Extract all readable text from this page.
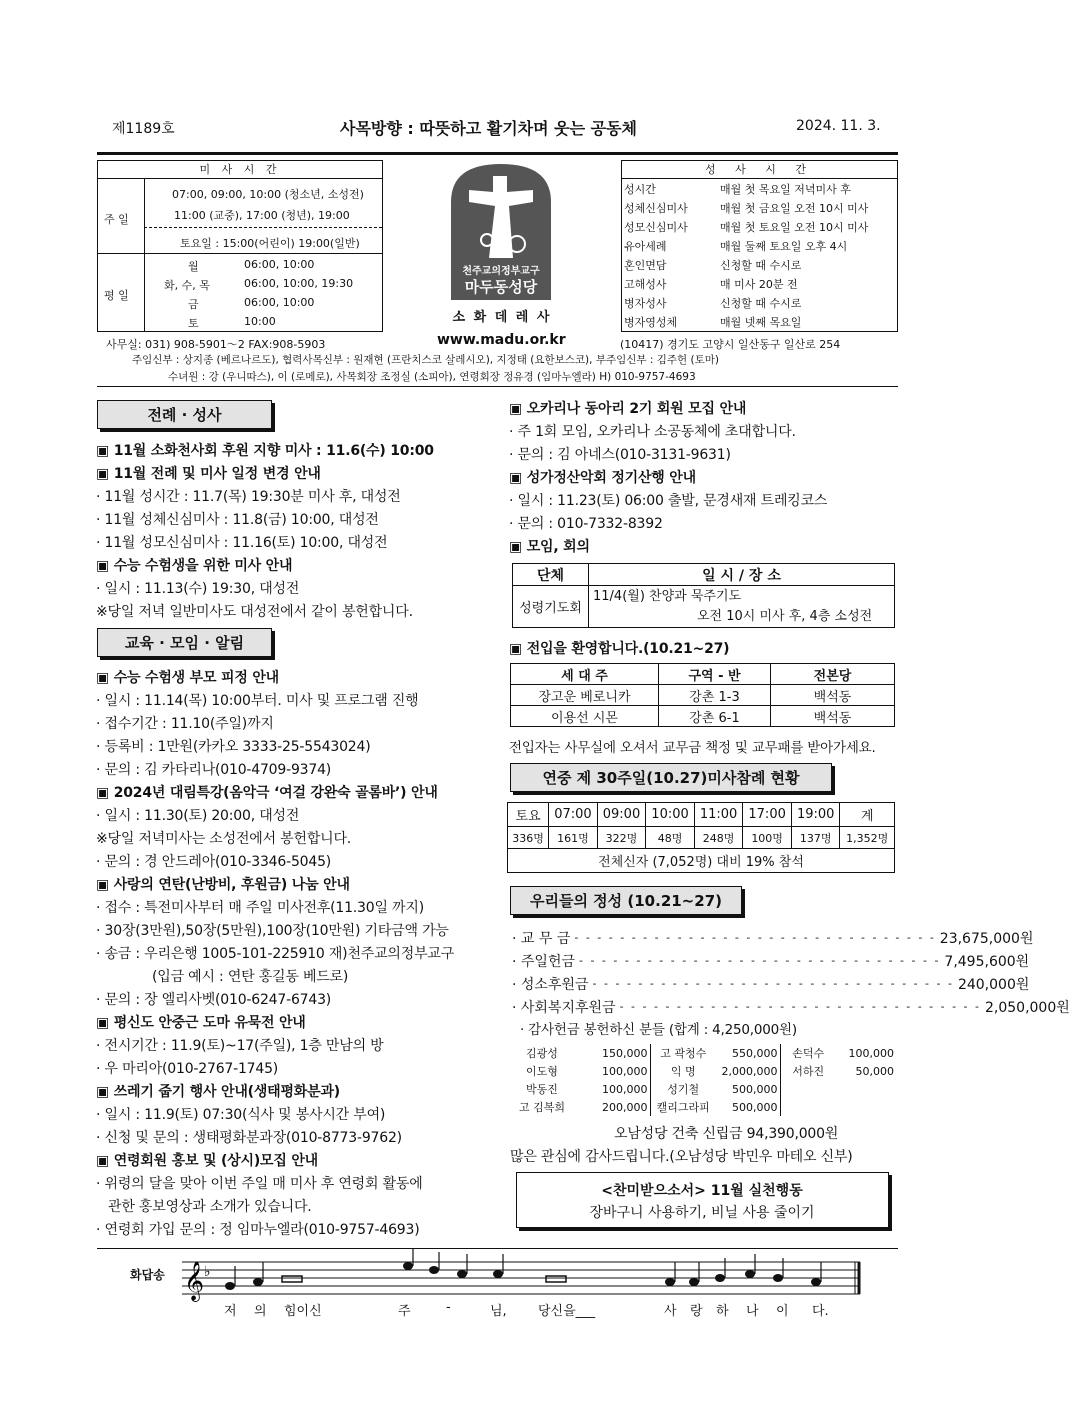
제1189호	사목방향 : 따뜻하고 활기차며 웃는 공동체	2024. 11. 3.
미 사 시 간
주 일
07:00, 09:00, 10:00 (청소년, 소성전)
11:00 (교중), 17:00 (청년), 19:00
토요일 : 15:00(어린이) 19:00(일반)
평 일
월	06:00, 10:00
화, 수, 목	06:00, 10:00, 19:30
금	06:00, 10:00
토	10:00
천주교의정부교구
마두동성당
소 화 데 레 사
www.madu.or.kr
성 사 시 간
성시간	매월 첫 목요일 저녁미사 후
성체신심미사	매월 첫 금요일 오전 10시 미사
성모신심미사	매월 첫 토요일 오전 10시 미사
유아세례	매월 둘째 토요일 오후 4시
혼인면담	신청할 때 수시로
고해성사	매 미사 20분 전
병자성사	신청할 때 수시로
병자영성체	매월 넷째 목요일
사무실: 031) 908-5901～2 FAX:908-5903	(10417) 경기도 고양시 일산동구 일산로 254
주임신부 : 상지종 (베르나르도), 협력사목신부 : 원재현 (프란치스코 살레시오), 지정태 (요한보스코), 부주임신부 : 김주헌 (토마)
수녀원 : 강 (우니따스), 이 (로메로), 사목회장 조정실 (소피아), 연령회장 정유경 (임마누엘라) H) 010-9757-4693
전례 · 성사
▣ 11월 소화천사회 후원 지향 미사 : 11.6(수) 10:00
▣ 11월 전례 및 미사 일정 변경 안내
· 11월 성시간 : 11.7(목) 19:30분 미사 후, 대성전
· 11월 성체신심미사 : 11.8(금) 10:00, 대성전
· 11월 성모신심미사 : 11.16(토) 10:00, 대성전
▣ 수능 수험생을 위한 미사 안내
· 일시 : 11.13(수) 19:30, 대성전
※당일 저녁 일반미사도 대성전에서 같이 봉헌합니다.
교육 · 모임 · 알림
▣ 수능 수험생 부모 피정 안내
· 일시 : 11.14(목) 10:00부터. 미사 및 프로그램 진행
· 접수기간 : 11.10(주일)까지
· 등록비 : 1만원(카카오 3333-25-5543024)
· 문의 : 김 카타리나(010-4709-9374)
▣ 2024년 대림특강(옴악극 ‘여걸 강완숙 골롬바’) 안내
· 일시 : 11.30(토) 20:00, 대성전
※당일 저녁미사는 소성전에서 봉헌합니다.
· 문의 : 경 안드레아(010-3346-5045)
▣ 사랑의 연탄(난방비, 후원금) 나눔 안내
· 접수 : 특전미사부터 매 주일 미사전후(11.30일 까지)
· 30장(3만원),50장(5만원),100장(10만원) 기타금액 가능
· 송금 : 우리은행 1005-101-225910 재)천주교의정부교구
(입금 예시 : 연탄 홍길동 베드로)
· 문의 : 장 엘리사벳(010-6247-6743)
▣ 평신도 안중근 도마 유묵전 안내
· 전시기간 : 11.9(토)~17(주일), 1층 만남의 방
· 우 마리아(010-2767-1745)
▣ 쓰레기 줍기 행사 안내(생태평화분과)
· 일시 : 11.9(토) 07:30(식사 및 봉사시간 부여)
· 신청 및 문의 : 생태평화분과장(010-8773-9762)
▣ 연령회원 홍보 및 (상시)모집 안내
· 위령의 달을 맞아 이번 주일 매 미사 후 연령회 활동에
관한 홍보영상과 소개가 있습니다.
· 연령회 가입 문의 : 정 임마누엘라(010-9757-4693)
▣ 오카리나 동아리 2기 회원 모집 안내
· 주 1회 모임, 오카리나 소공동체에 초대합니다.
· 문의 : 김 아네스(010-3131-9631)
▣ 성가정산악회 정기산행 안내
· 일시 : 11.23(토) 06:00 출발, 문경새재 트레킹코스
· 문의 : 010-7332-8392
▣ 모임, 회의
단체	일 시 / 장 소
성령기도회	11/4(월) 찬양과 묵주기도
오전 10시 미사 후, 4층 소성전
▣ 전입을 환영합니다.(10.21~27)
세 대 주	구역 - 반	전본당
장고운 베로니카	강촌 1-3	백석동
이용선 시몬	강촌 6-1	백석동
전입자는 사무실에 오셔서 교무금 책정 및 교무패를 받아가세요.
연중 제 30주일(10.27)미사참례 현황
토요	07:00	09:00	10:00	11:00	17:00	19:00	계
336명	161명	322명	48명	248명	100명	137명	1,352명
전체신자 (7,052명) 대비 19% 참석							
우리들의 정성 (10.21~27)
· 교 무 금 - - - - - - - - - - - - - - - - - - - - - - - - - - - - - - - - 23,675,000원
· 주일헌금 - - - - - - - - - - - - - - - - - - - - - - - - - - - - - - - - 7,495,600원
· 성소후원금 - - - - - - - - - - - - - - - - - - - - - - - - - - - - - - - - 240,000원
· 사회복지후원금 - - - - - - - - - - - - - - - - - - - - - - - - - - - - - - - - 2,050,000원
· 감사헌금 봉헌하신 분들 (합계 : 4,250,000원)
김광성	150,000	고 곽청수	550,000	손덕수	100,000
이도형	100,000	익 명	2,000,000	서하진	50,000
박동진	100,000	성기철	500,000		
고 김복희	200,000	캘리그라피	500,000		
오남성당 건축 신립금 94,390,000원
많은 관심에 감사드립니다.(오남성당 박민우 마테오 신부)
<찬미받으소서> 11월 실천행동
장바구니 사용하기, 비닐 사용 줄이기
화답송 𝄞 ♭
저 의 힘이신	주	-	님, 당신을___	사 랑 하 나 이 다.
